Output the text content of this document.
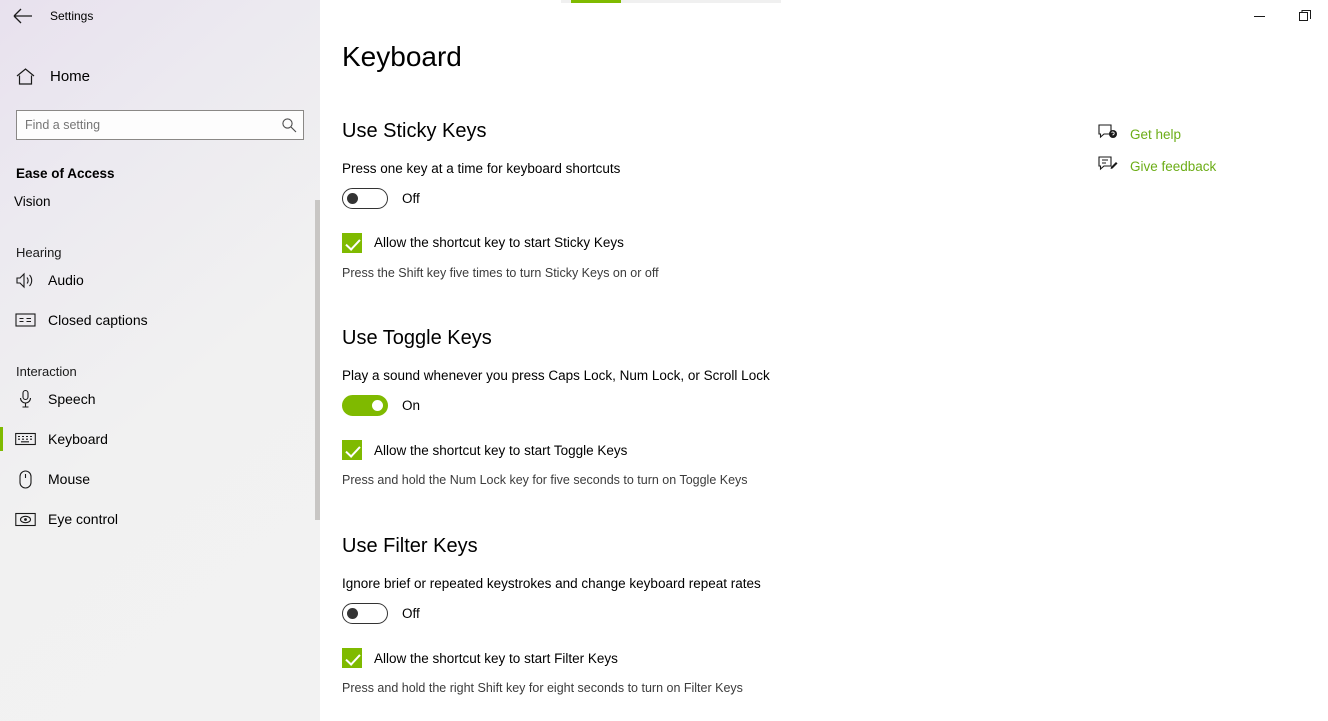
Settings
Home
Find a setting
Ease of Access
Vision
Hearing
Audio
Closed captions
Interaction
Speech
Keyboard
Mouse
Eye control
Keyboard
Use Sticky Keys
Press one key at a time for keyboard shortcuts
Off
Allow the shortcut key to start Sticky Keys
Press the Shift key five times to turn Sticky Keys on or off
Use Toggle Keys
Play a sound whenever you press Caps Lock, Num Lock, or Scroll Lock
On
Allow the shortcut key to start Toggle Keys
Press and hold the Num Lock key for five seconds to turn on Toggle Keys
Use Filter Keys
Ignore brief or repeated keystrokes and change keyboard repeat rates
Off
Allow the shortcut key to start Filter Keys
Press and hold the right Shift key for eight seconds to turn on Filter Keys
Get help
Give feedback
